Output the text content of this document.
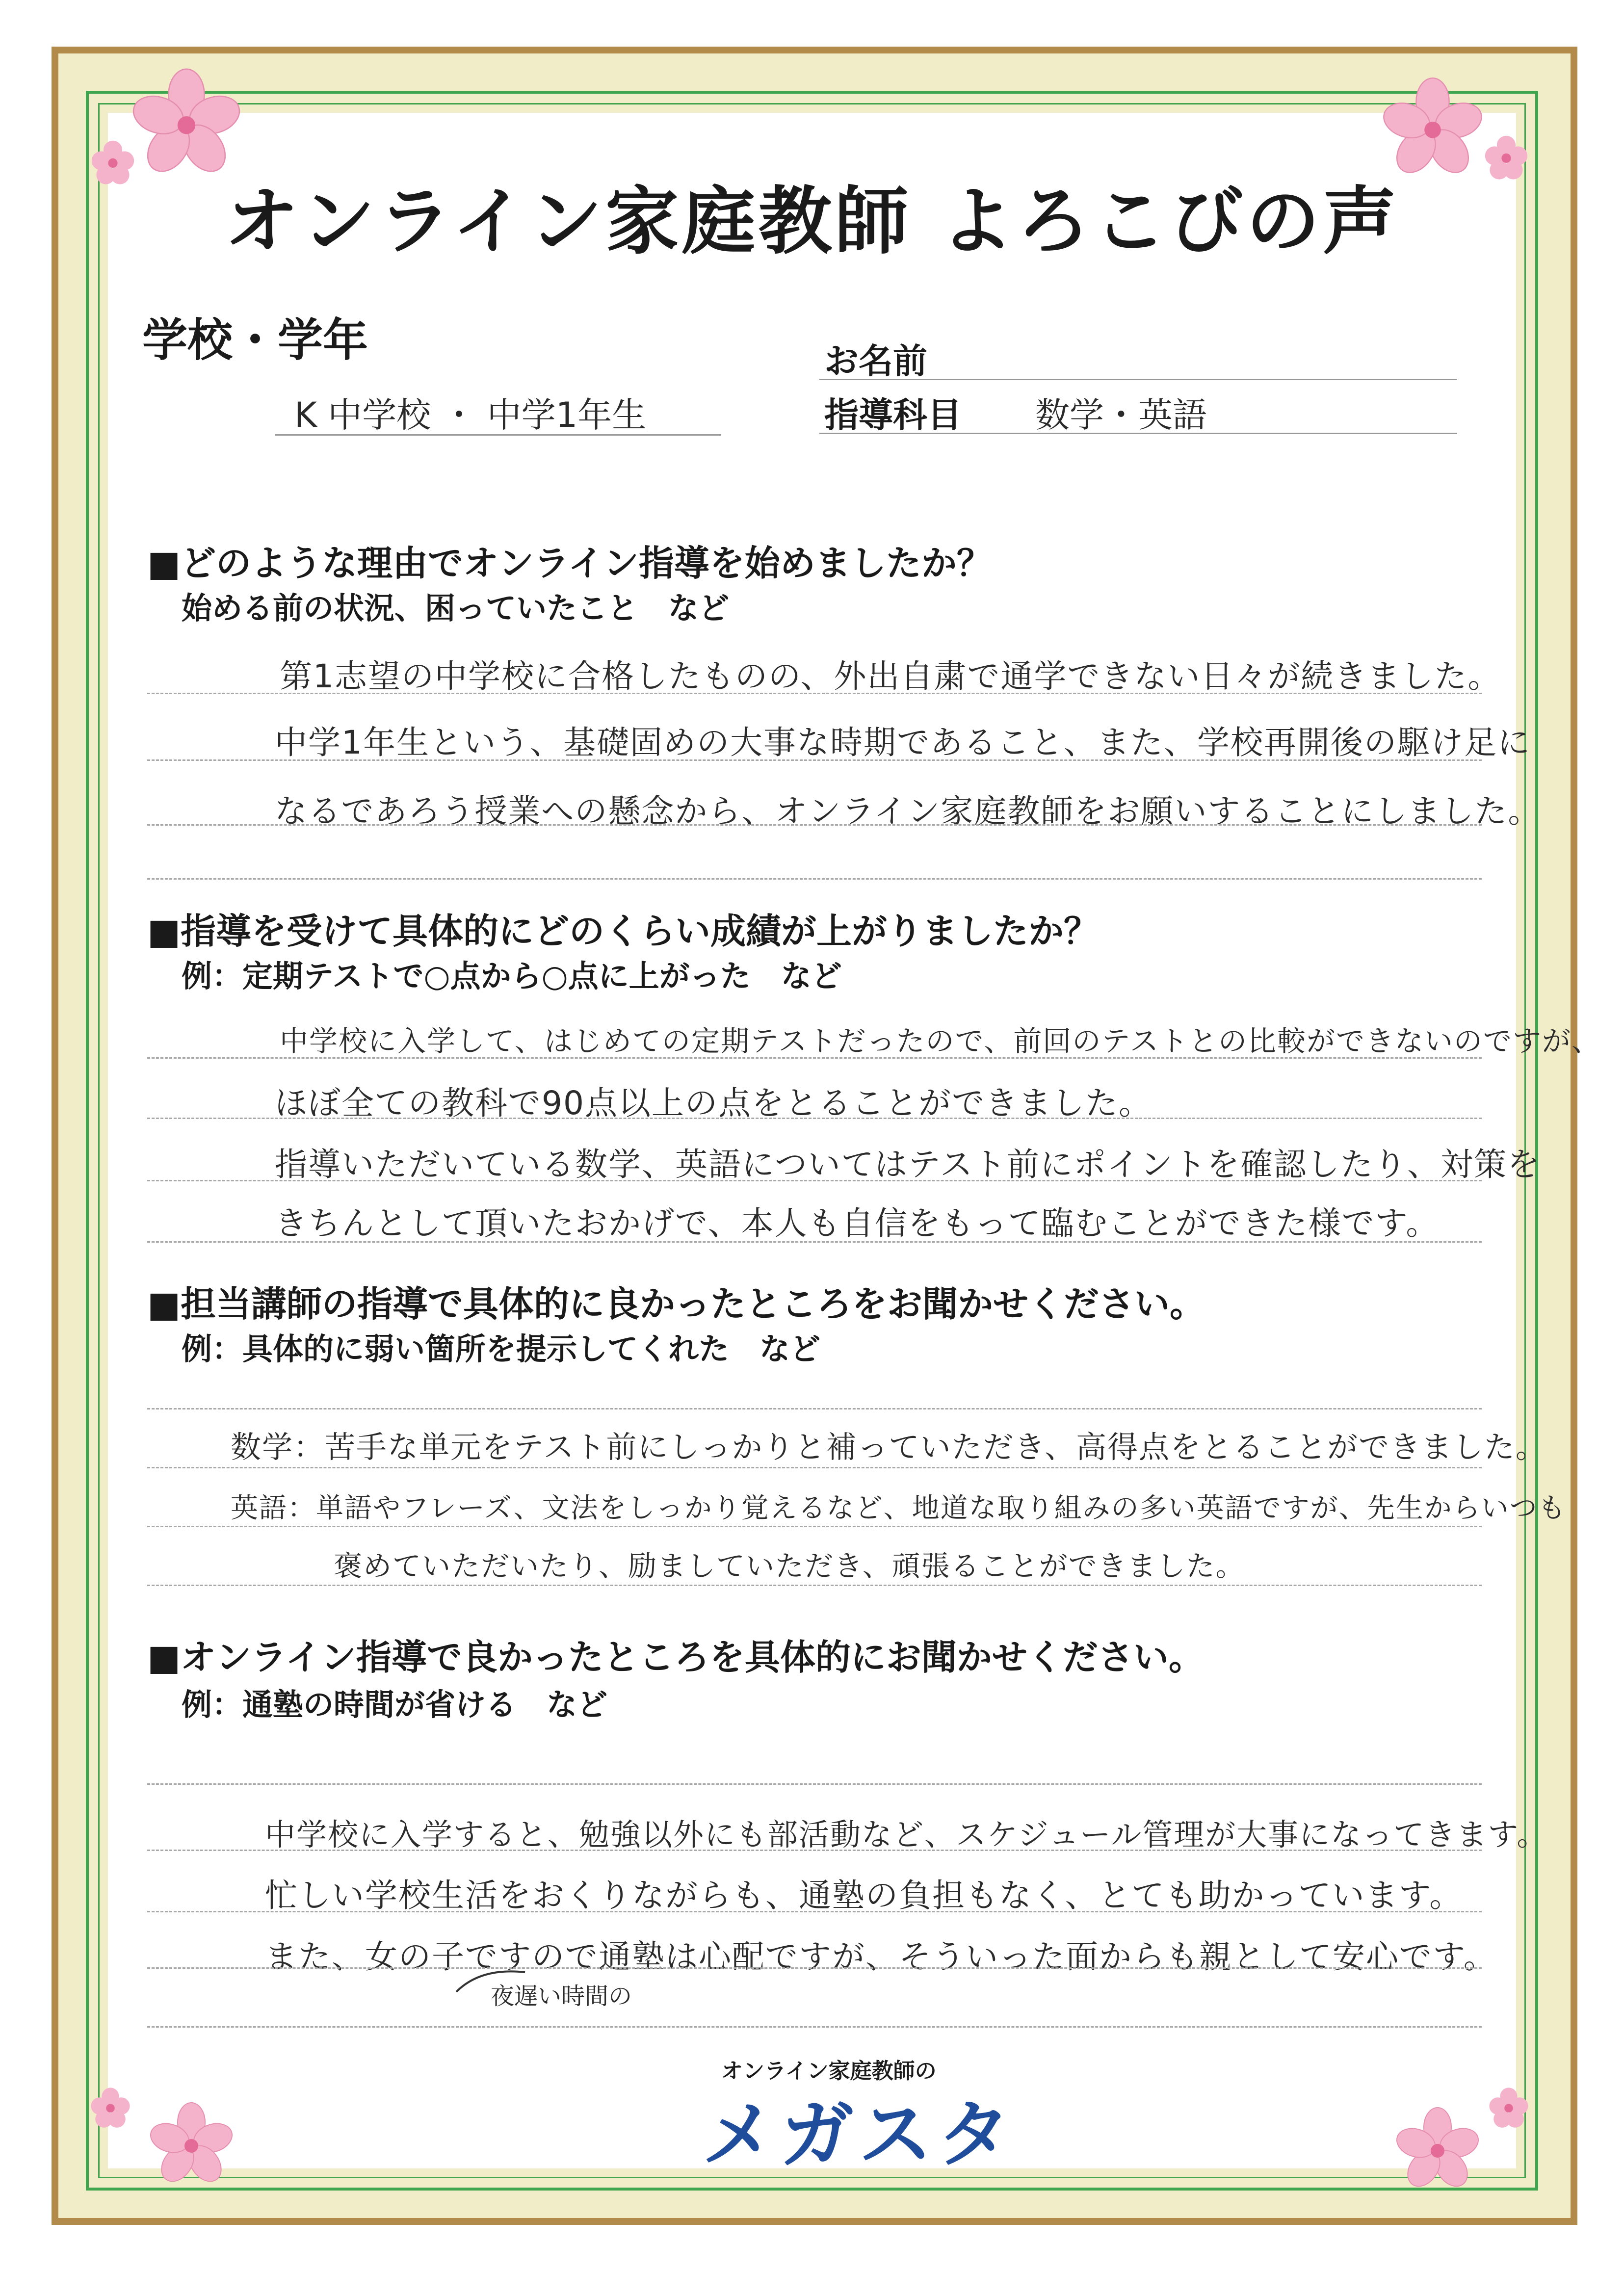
オンライン家庭教師 よろこびの声
学校・学年
K 中学校 ・ 中学1年生
お名前
指導科目 数学・英語
■どのような理由でオンライン指導を始めましたか？
始める前の状況、困っていたこと　など
第1志望の中学校に合格したものの、外出自粛で通学できない日々が続きました。
中学1年生という、基礎固めの大事な時期であること、また、学校再開後の駆け足に
なるであろう授業への懸念から、オンライン家庭教師をお願いすることにしました。
■指導を受けて具体的にどのくらい成績が上がりましたか？
例：定期テストで○点から○点に上がった　など
中学校に入学して、はじめての定期テストだったので、前回のテストとの比較ができないのですが、
ほぼ全ての教科で90点以上の点をとることができました。
指導いただいている数学、英語についてはテスト前にポイントを確認したり、対策を
きちんとして頂いたおかげで、本人も自信をもって臨むことができた様です。
■担当講師の指導で具体的に良かったところをお聞かせください。
例：具体的に弱い箇所を提示してくれた　など
数学：苦手な単元をテスト前にしっかりと補っていただき、高得点をとることができました。
英語：単語やフレーズ、文法をしっかり覚えるなど、地道な取り組みの多い英語ですが、先生からいつも
褒めていただいたり、励ましていただき、頑張ることができました。
■オンライン指導で良かったところを具体的にお聞かせください。
例：通塾の時間が省ける　など
中学校に入学すると、勉強以外にも部活動など、スケジュール管理が大事になってきます。
忙しい学校生活をおくりながらも、通塾の負担もなく、とても助かっています。
また、女の子ですので通塾は心配ですが、そういった面からも親として安心です。
夜遅い時間の
オンライン家庭教師の
メガスタ
